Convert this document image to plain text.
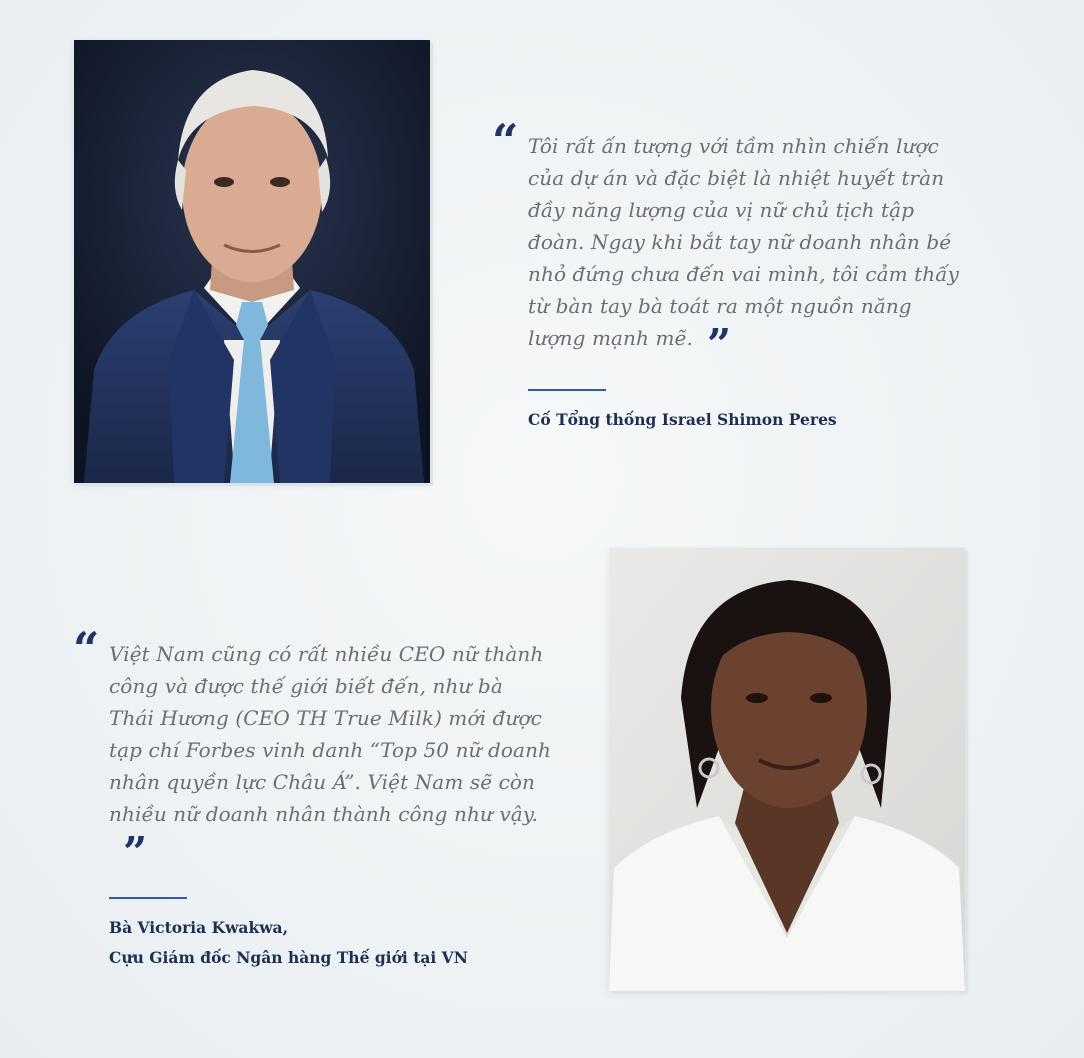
“ Tôi rất ấn tượng với tầm nhìn chiến lược của dự án và đặc biệt là nhiệt huyết tràn đầy năng lượng của vị nữ chủ tịch tập đoàn. Ngay khi bắt tay nữ doanh nhân bé nhỏ đứng chưa đến vai mình, tôi cảm thấy từ bàn tay bà toát ra một nguồn năng lượng mạnh mẽ. ”
Cố Tổng thống Israel Shimon Peres
“ Việt Nam cũng có rất nhiều CEO nữ thành công và được thế giới biết đến, như bà Thái Hương (CEO TH True Milk) mới được tạp chí Forbes vinh danh “Top 50 nữ doanh nhân quyền lực Châu Á”. Việt Nam sẽ còn nhiều nữ doanh nhân thành công như vậy.”
Bà Victoria Kwakwa,
Cựu Giám đốc Ngân hàng Thế giới tại VN
